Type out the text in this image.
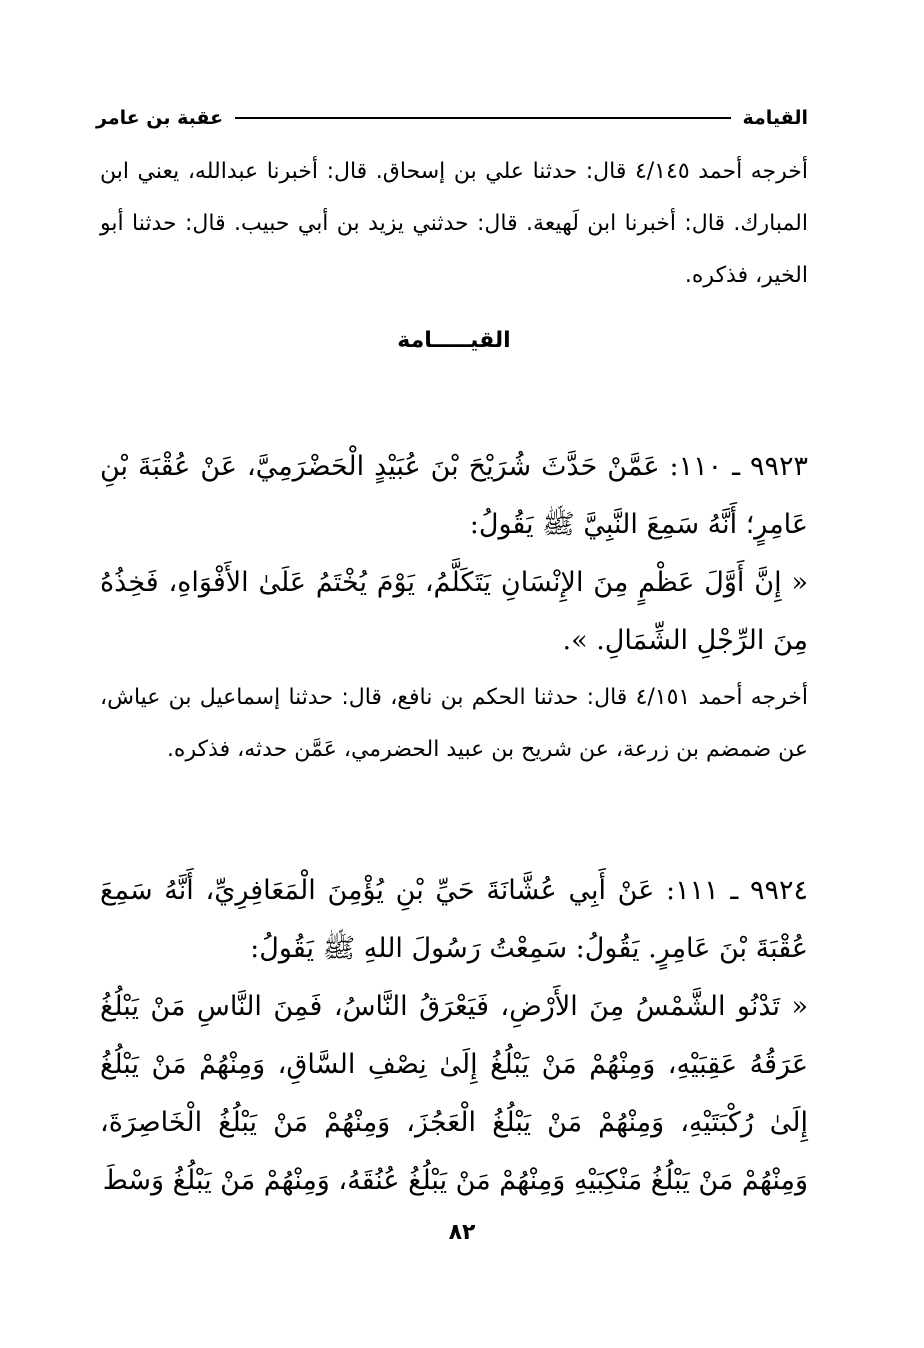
القيامة
عقبة بن عامر
أخرجه أحمد ٤/١٤٥ قال: حدثنا علي بن إسحاق. قال: أخبرنا عبدالله، يعني ابن المبارك. قال: أخبرنا ابن لَهيعة. قال: حدثني يزيد بن أبي حبيب. قال: حدثنا أبو الخير، فذكره.
القيـــــامة
٩٩٢٣ ـ ١١٠: عَمَّنْ حَدَّثَ شُرَيْحَ بْنَ عُبَيْدٍ الْحَضْرَمِيَّ، عَنْ عُقْبَةَ بْنِ عَامِرٍ؛ أَنَّهُ سَمِعَ النَّبِيَّ ﷺ يَقُولُ:
« إِنَّ أَوَّلَ عَظْمٍ مِنَ الإِنْسَانِ يَتَكَلَّمُ، يَوْمَ يُخْتَمُ عَلَىٰ الأَفْوَاهِ، فَخِذُهُ مِنَ الرِّجْلِ الشِّمَالِ. ».
أخرجه أحمد ٤/١٥١ قال: حدثنا الحكم بن نافع، قال: حدثنا إسماعيل بن عياش، عن ضمضم بن زرعة، عن شريح بن عبيد الحضرمي، عَمَّن حدثه، فذكره.
٩٩٢٤ ـ ١١١: عَنْ أَبِي عُشَّانَةَ حَيِّ بْنِ يُؤْمِنَ الْمَعَافِرِيِّ، أَنَّهُ سَمِعَ عُقْبَةَ بْنَ عَامِرٍ. يَقُولُ: سَمِعْتُ رَسُولَ اللهِ ﷺ يَقُولُ:
« تَدْنُو الشَّمْسُ مِنَ الأَرْضِ، فَيَعْرَقُ النَّاسُ، فَمِنَ النَّاسِ مَنْ يَبْلُغُ عَرَقُهُ عَقِبَيْهِ، وَمِنْهُمْ مَنْ يَبْلُغُ إِلَىٰ نِصْفِ السَّاقِ، وَمِنْهُمْ مَنْ يَبْلُغُ إِلَىٰ رُكْبَتَيْهِ، وَمِنْهُمْ مَنْ يَبْلُغُ الْعَجُزَ، وَمِنْهُمْ مَنْ يَبْلُغُ الْخَاصِرَةَ، وَمِنْهُمْ مَنْ يَبْلُغُ مَنْكِبَيْهِ وَمِنْهُمْ مَنْ يَبْلُغُ عُنُقَهُ، وَمِنْهُمْ مَنْ يَبْلُغُ وَسْطَ
٨٢
